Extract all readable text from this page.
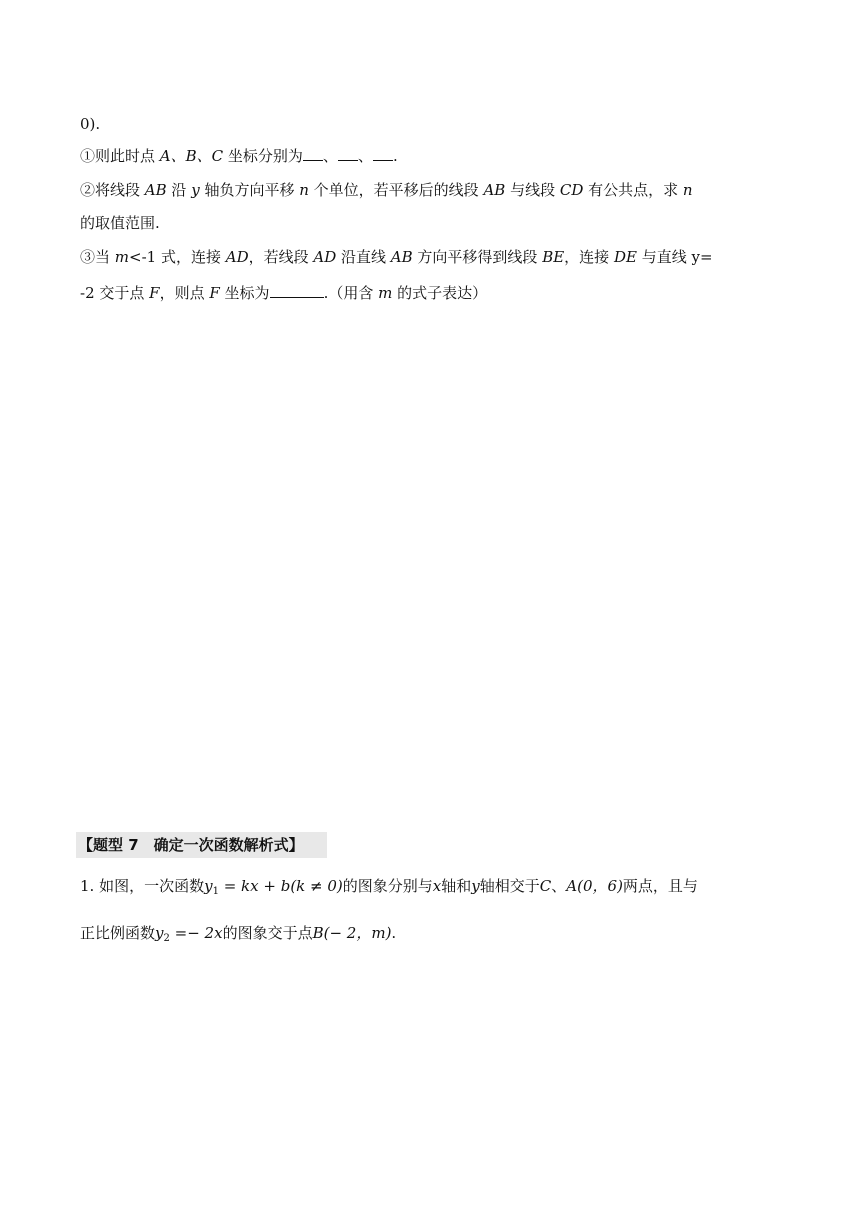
0).
①则此时点 A、B、C 坐标分别为 、 、 .
②将线段 AB 沿 y 轴负方向平移 n 个单位，若平移后的线段 AB 与线段 CD 有公共点，求 n
的取值范围.
③当 m<-1 式，连接 AD，若线段 AD 沿直线 AB 方向平移得到线段 BE，连接 DE 与直线 y=
-2 交于点 F，则点 F 坐标为	.（用含 m 的式子表达）
【题型 7　确定一次函数解析式】
1. 如图，一次函数$y_1$ = kx + b(k ≠ 0)的图象分别与x轴和y轴相交于C、A(0，6)两点，且与
正比例函数$y_2 =- 2x$的图象交于点B(− 2，m).
